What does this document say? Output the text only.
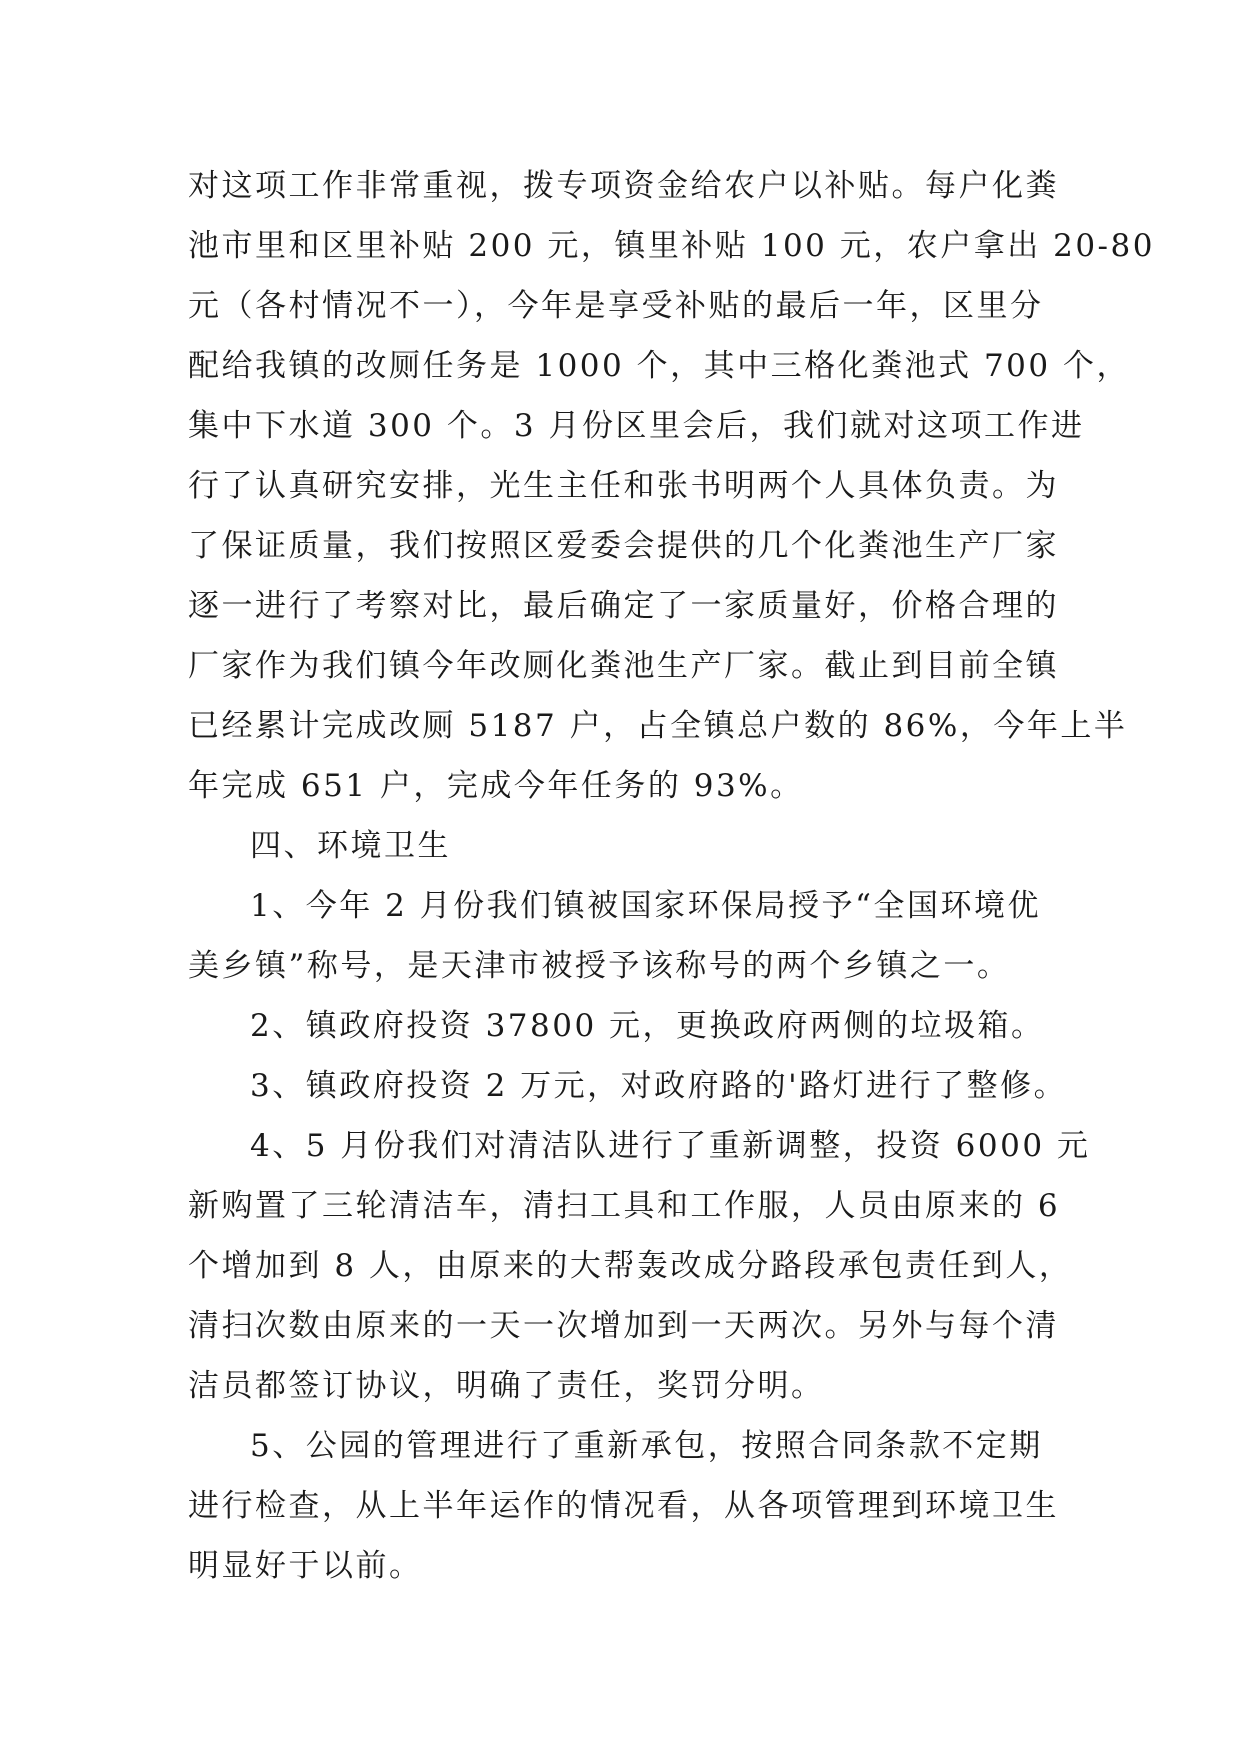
对这项工作非常重视，拨专项资金给农户以补贴。每户化粪
池市里和区里补贴 200 元，镇里补贴 100 元，农户拿出 20-80
元（各村情况不一），今年是享受补贴的最后一年，区里分
配给我镇的改厕任务是 1000 个，其中三格化粪池式 700 个，
集中下水道 300 个。3 月份区里会后，我们就对这项工作进
行了认真研究安排，光生主任和张书明两个人具体负责。为
了保证质量，我们按照区爱委会提供的几个化粪池生产厂家
逐一进行了考察对比，最后确定了一家质量好，价格合理的
厂家作为我们镇今年改厕化粪池生产厂家。截止到目前全镇
已经累计完成改厕 5187 户，占全镇总户数的 86%，今年上半
年完成 651 户，完成今年任务的 93%。
四、环境卫生
1、今年 2 月份我们镇被国家环保局授予“全国环境优
美乡镇”称号，是天津市被授予该称号的两个乡镇之一。
2、镇政府投资 37800 元，更换政府两侧的垃圾箱。
3、镇政府投资 2 万元，对政府路的'路灯进行了整修。
4、5 月份我们对清洁队进行了重新调整，投资 6000 元
新购置了三轮清洁车，清扫工具和工作服，人员由原来的 6
个增加到 8 人，由原来的大帮轰改成分路段承包责任到人，
清扫次数由原来的一天一次增加到一天两次。另外与每个清
洁员都签订协议，明确了责任，奖罚分明。
5、公园的管理进行了重新承包，按照合同条款不定期
进行检查，从上半年运作的情况看，从各项管理到环境卫生
明显好于以前。
